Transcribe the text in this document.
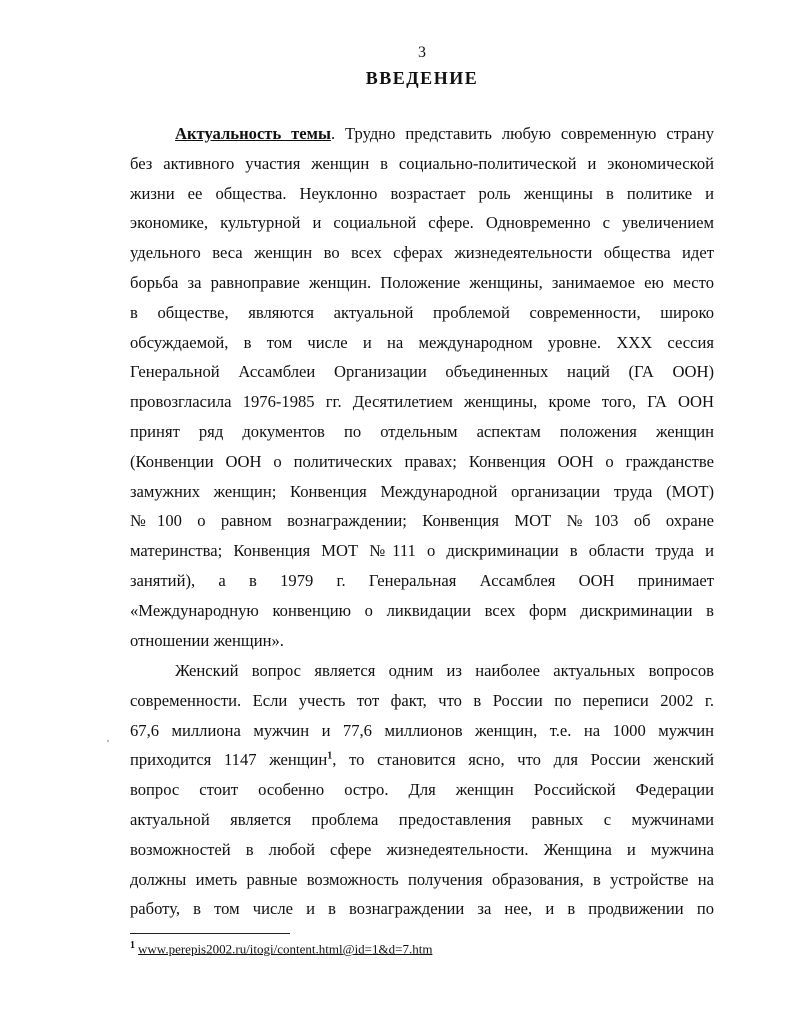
3
ВВЕДЕНИЕ
Актуальность темы. Трудно представить любую современную страну
без активного участия женщин в социально-политической и экономической
жизни ее общества. Неуклонно возрастает роль женщины в политике и
экономике, культурной и социальной сфере. Одновременно с увеличением
удельного веса женщин во всех сферах жизнедеятельности общества идет
борьба за равноправие женщин. Положение женщины, занимаемое ею место
в обществе, являются актуальной проблемой современности, широко
обсуждаемой, в том числе и на международном уровне. XXX сессия
Генеральной Ассамблеи Организации объединенных наций (ГА ООН)
провозгласила 1976-1985 гг. Десятилетием женщины, кроме того, ГА ООН
принят ряд документов по отдельным аспектам положения женщин
(Конвенции ООН о политических правах; Конвенция ООН о гражданстве
замужних женщин; Конвенция Международной организации труда (МОТ)
№100 о равном вознаграждении; Конвенция МОТ №103 об охране
материнства; Конвенция МОТ №111 о дискриминации в области труда и
занятий), а в 1979 г. Генеральная Ассамблея ООН принимает
«Международную конвенцию о ликвидации всех форм дискриминации в
отношении женщин».
Женский вопрос является одним из наиболее актуальных вопросов
современности. Если учесть тот факт, что в России по переписи 2002 г.
67,6 миллиона мужчин и 77,6 миллионов женщин, т.е. на 1000 мужчин
приходится 1147 женщин$^1$, то становится ясно, что для России женский
вопрос стоит особенно остро. Для женщин Российской Федерации
актуальной является проблема предоставления равных с мужчинами
возможностей в любой сфере жизнедеятельности. Женщина и мужчина
должны иметь равные возможность получения образования, в устройстве на
работу, в том числе и в вознаграждении за нее, и в продвижении по
'
$^1$ www.perepis2002.ru/itogi/content.html@id=1&d=7.htm
